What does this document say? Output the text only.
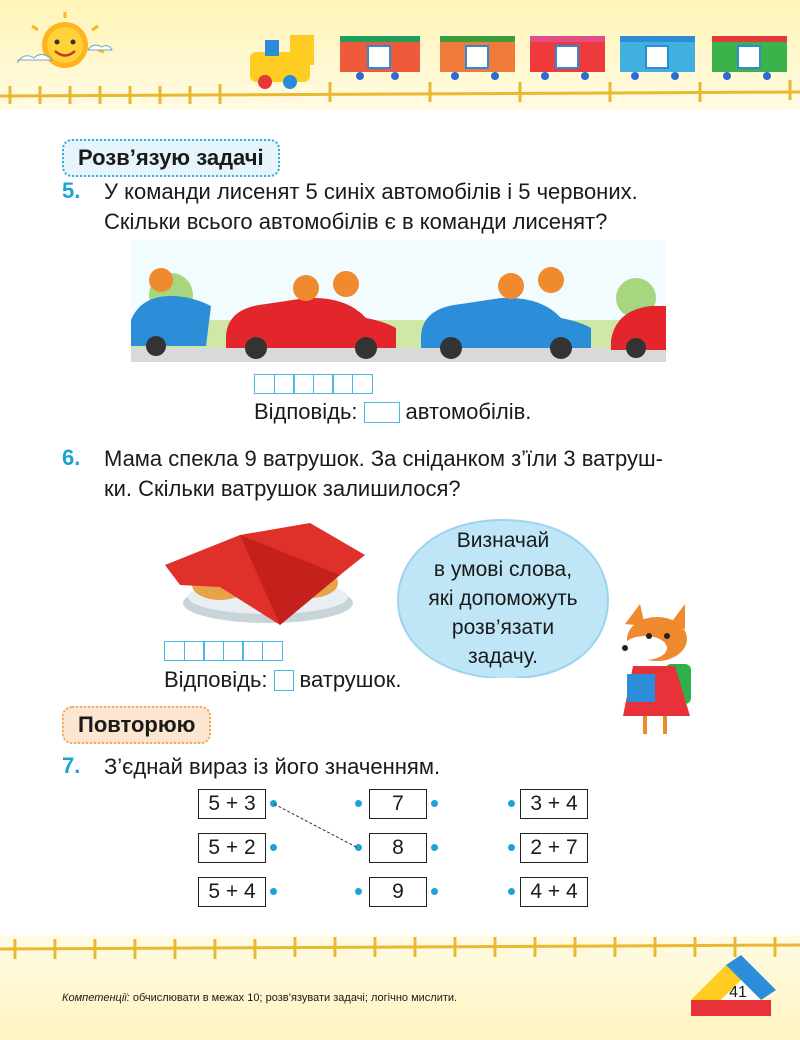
Розв’язую задачі
5. У команди лисенят 5 синіх автомобілів і 5 червоних.
Скільки всього автомобілів є в команди лисенят?
Відповідь: автомобілів.
6. Мама спекла 9 ватрушок. За сніданком з’їли 3 ватруш-
ки. Скільки ватрушок залишилося?
Відповідь: ватрушок.
Визначай
в умові слова,
які допоможуть
розв’язати
задачу.
Повторюю
7. З’єднай вираз із його значенням.
5 + 3
5 + 2
5 + 4
7
8
9
3 + 4
2 + 7
4 + 4
Компетенції: обчислювати в межах 10; розв’язувати задачі; логічно мислити.	41
